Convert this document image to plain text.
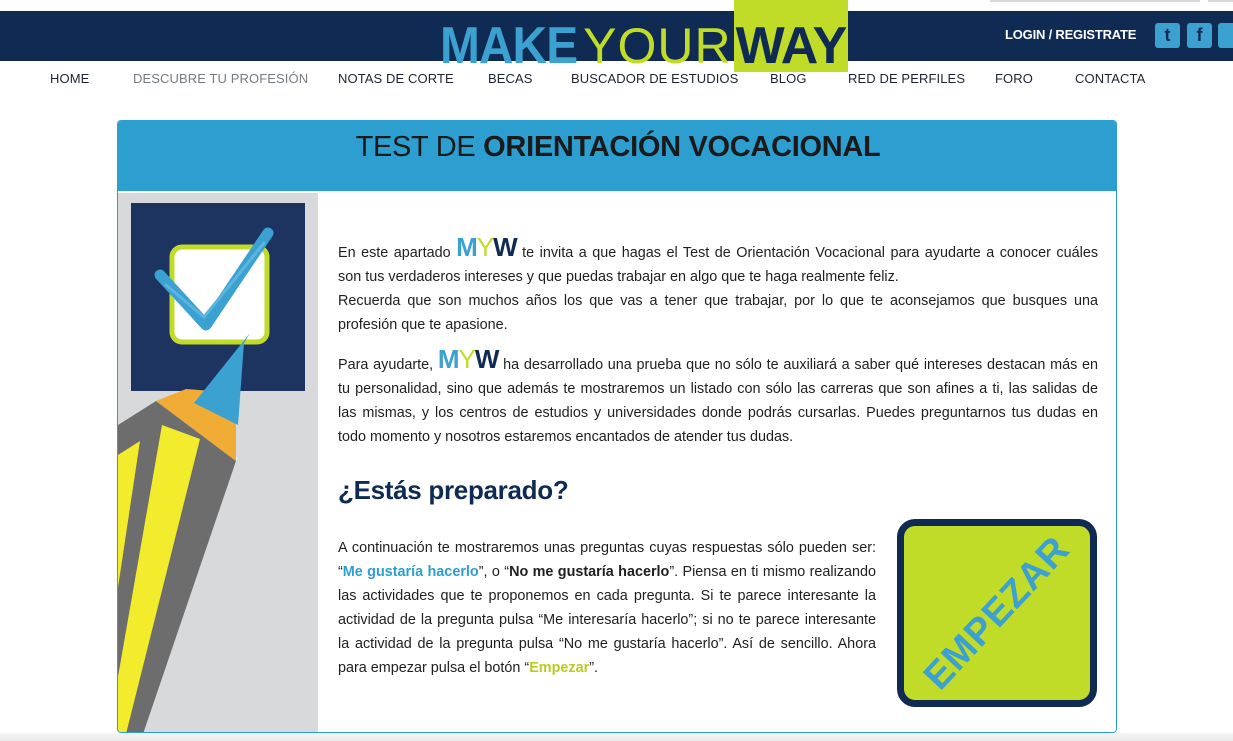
MAKE YOUR WAY	LOGIN / REGISTRATE	t	f
HOME	DESCUBRE TU PROFESIÓN NOTAS DE CORTE	BECAS	BUSCADOR DE ESTUDIOS BLOG	RED DE PERFILES FORO	CONTACTA
TEST DE ORIENTACIÓN VOCACIONAL

En este apartado MYW te invita a que hagas el Test de Orientación Vocacional para ayudarte a conocer cuáles son tus verdaderos intereses y que puedas trabajar en algo que te haga realmente feliz.
Recuerda que son muchos años los que vas a tener que trabajar, por lo que te aconsejamos que busques una profesión que te apasione.

Para ayudarte, MYW ha desarrollado una prueba que no sólo te auxiliará a saber qué intereses destacan más en tu personalidad, sino que además te mostraremos un listado con sólo las carreras que son afines a ti, las salidas de las mismas, y los centros de estudios y universidades donde podrás cursarlas. Puedes preguntarnos tus dudas en todo momento y nosotros estaremos encantados de atender tus dudas.

¿Estás preparado?

A continuación te mostraremos unas preguntas cuyas respuestas sólo pueden ser: “Me gustaría hacerlo”, o “No me gustaría hacerlo”. Piensa en ti mismo realizando las actividades que te proponemos en cada pregunta. Si te parece interesante la actividad de la pregunta pulsa “Me interesaría hacerlo”; si no te parece interesante la actividad de la pregunta pulsa “No me gustaría hacerlo”. Así de sencillo. Ahora para empezar pulsa el botón “Empezar”.	EMPEZAR
